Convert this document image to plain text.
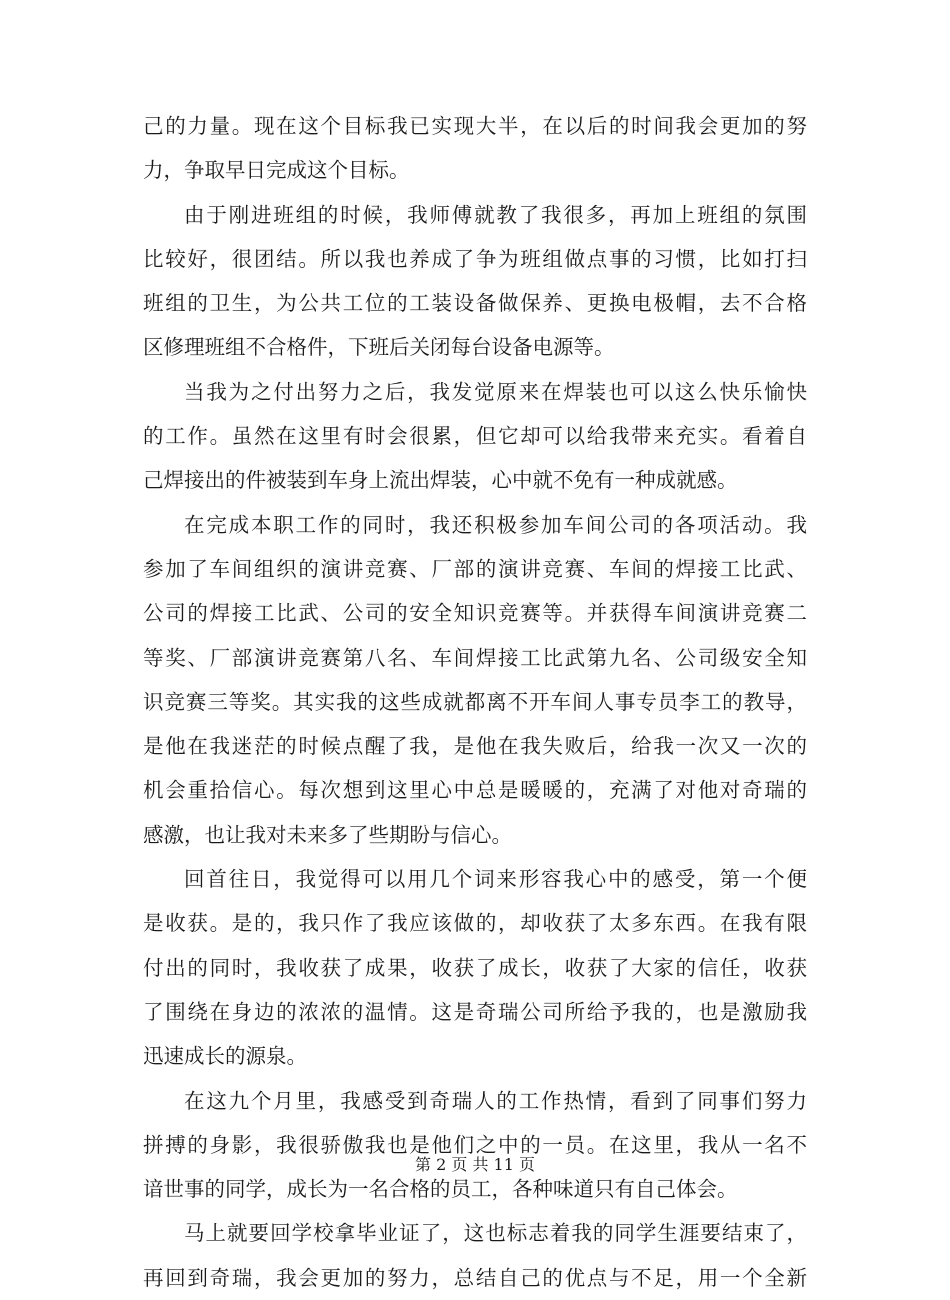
己的力量。现在这个目标我已实现大半，在以后的时间我会更加的努
力，争取早日完成这个目标。
由于刚进班组的时候，我师傅就教了我很多，再加上班组的氛围
比较好，很团结。所以我也养成了争为班组做点事的习惯，比如打扫
班组的卫生，为公共工位的工装设备做保养、更换电极帽，去不合格
区修理班组不合格件，下班后关闭每台设备电源等。
当我为之付出努力之后，我发觉原来在焊装也可以这么快乐愉快
的工作。虽然在这里有时会很累，但它却可以给我带来充实。看着自
己焊接出的件被装到车身上流出焊装，心中就不免有一种成就感。
在完成本职工作的同时，我还积极参加车间公司的各项活动。我
参加了车间组织的演讲竞赛、厂部的演讲竞赛、车间的焊接工比武、
公司的焊接工比武、公司的安全知识竞赛等。并获得车间演讲竞赛二
等奖、厂部演讲竞赛第八名、车间焊接工比武第九名、公司级安全知
识竞赛三等奖。其实我的这些成就都离不开车间人事专员李工的教导，
是他在我迷茫的时候点醒了我，是他在我失败后，给我一次又一次的
机会重拾信心。每次想到这里心中总是暖暖的，充满了对他对奇瑞的
感激，也让我对未来多了些期盼与信心。
回首往日，我觉得可以用几个词来形容我心中的感受，第一个便
是收获。是的，我只作了我应该做的，却收获了太多东西。在我有限
付出的同时，我收获了成果，收获了成长，收获了大家的信任，收获
了围绕在身边的浓浓的温情。这是奇瑞公司所给予我的，也是激励我
迅速成长的源泉。
在这九个月里，我感受到奇瑞人的工作热情，看到了同事们努力
拼搏的身影，我很骄傲我也是他们之中的一员。在这里，我从一名不
谙世事的同学，成长为一名合格的员工，各种味道只有自己体会。
马上就要回学校拿毕业证了，这也标志着我的同学生涯要结束了，
再回到奇瑞，我会更加的努力，总结自己的优点与不足，用一个全新
第 2 页 共 11 页
